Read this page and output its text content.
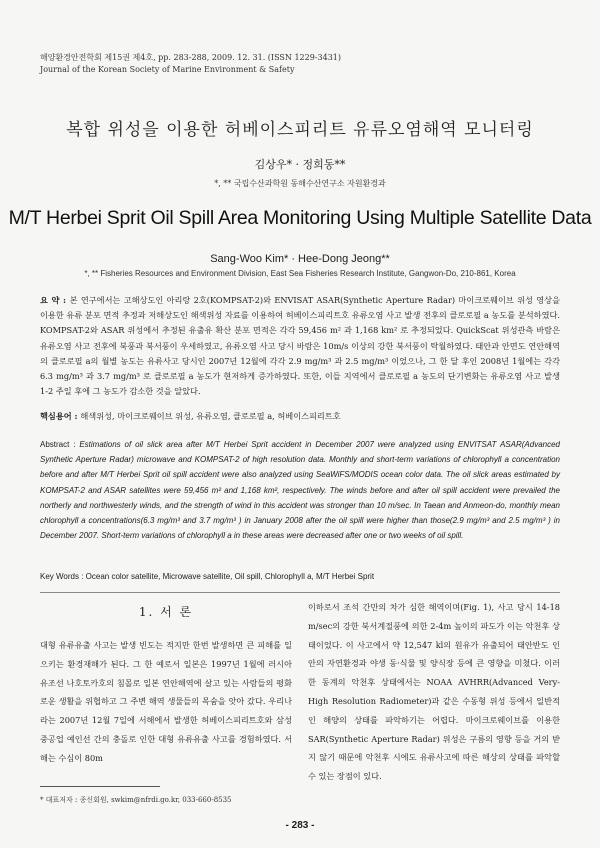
해양환경안전학회 제15권 제4호, pp. 283-288, 2009. 12. 31. (ISSN 1229-3431)
Journal of the Korean Society of Marine Environment & Safety
복합 위성을 이용한 허베이스피리트 유류오염해역 모니터링
김상우* · 정희동**
*, ** 국립수산과학원 동해수산연구소 자원환경과
M/T Herbei Sprit Oil Spill Area Monitoring Using Multiple Satellite Data
Sang-Woo Kim* · Hee-Dong Jeong**
*, ** Fisheries Resources and Environment Division, East Sea Fisheries Research Institute, Gangwon-Do, 210-861, Korea
요 약 : 본 연구에서는 고해상도인 아리랑 2호(KOMPSAT-2)와 ENVISAT ASAR(Synthetic Aperture Radar) 마이크로웨이브 위성 영상을 이용한 유류 분포 면적 추정과 저해상도인 해색위성 자료를 이용하여 허베이스피리트호 유류오염 사고 발생 전후의 클로로필 a 농도를 분석하였다. KOMPSAT-2와 ASAR 위성에서 추정된 유출유 확산 분포 면적은 각각 59,456 m² 과 1,168 km² 로 추정되었다. QuickScat 위성관측 바람은 유류오염 사고 전후에 북풍과 북서풍이 우세하였고, 유류오염 사고 당시 바람은 10m/s 이상의 강한 북서풍이 탁월하였다. 태안과 안면도 연안해역의 클로로필 a의 월별 농도는 유류사고 당시인 2007년 12월에 각각 2.9 mg/m³ 과 2.5 mg/m³ 이었으나, 그 한 달 후인 2008년 1월에는 각각 6.3 mg/m³ 과 3.7 mg/m³ 로 클로로필 a 농도가 현저하게 증가하였다. 또한, 이들 지역에서 클로로필 a 농도의 단기변화는 유류오염 사고 발생 1-2 주일 후에 그 농도가 감소한 것을 알았다.
핵심용어 : 해색위성, 마이크로웨이브 위성, 유류오염, 클로로필 a, 허베이스피리트호
Abstract : Estimations of oil slick area after M/T Herbei Sprit accident in December 2007 were analyzed using ENVITSAT ASAR(Advanced Synthetic Aperture Radar) microwave and KOMPSAT-2 of high resolution data. Monthly and short-term variations of chlorophyll a concentration before and after M/T Herbei Sprit oil spill accident were also analyzed using SeaWiFS/MODIS ocean color data. The oil slick areas estimated by KOMPSAT-2 and ASAR satellites were 59,456 m² and 1,168 km², respectively. The winds before and after oil spill accident were prevailed the northerly and northwesterly winds, and the strength of wind in this accident was stronger than 10 m/sec. In Taean and Anmeon-do, monthly mean chlorophyll a concentrations(6.3 mg/m³ and 3.7 mg/m³ ) in January 2008 after the oil spill were higher than those(2.9 mg/m³ and 2.5 mg/m³ ) in December 2007. Short-term variations of chlorophyll a in these areas were decreased after one or two weeks of oil spill.
Key Words : Ocean color satellite, Microwave satellite, Oil spill, Chlorophyll a, M/T Herbei Sprit
1. 서 론
대형 유류유출 사고는 발생 빈도는 적지만 한번 발생하면 큰 피해를 일으키는 환경재해가 된다. 그 한 예로서 일본은 1997년 1월에 러시아 유조선 나호토카호의 침몰로 일본 연안해역에 살고 있는 사람들의 평화로운 생활을 위협하고 그 주변 해역 생물들의 목숨을 앗아 갔다. 우리나라는 2007년 12월 7일에 서해에서 발생한 허베이스피리트호와 삼성중공업 예인선 간의 충돌로 인한 대형 유류유출 사고를 경험하였다. 서해는 수심이 80m
이하로서 조석 간만의 차가 심한 해역이며(Fig. 1), 사고 당시 14-18 m/sec의 강한 북서계절풍에 의한 2-4m 높이의 파도가 이는 악천후 상태이었다. 이 사고에서 약 12,547 kl의 원유가 유출되어 태안반도 인안의 자연환경과 야생 동·식물 및 양식장 등에 큰 영향을 미쳤다. 이러한 동계의 악천후 상태에서는 NOAA AVHRR(Advanced Very-High Resolution Radiometer)과 같은 수동형 위성 등에서 일반적인 해양의 상태를 파악하기는 어렵다. 마이크로웨이브를 이용한 SAR(Synthetic Aperture Radar) 위성은 구름의 영향 등을 거의 받지 않기 때문에 악천후 시에도 유류사고에 따른 해상의 상태를 파악할 수 있는 장점이 있다.
* 대표저자 : 종신회원, swkim@nfrdi.go.kr, 033-660-8535
- 283 -
